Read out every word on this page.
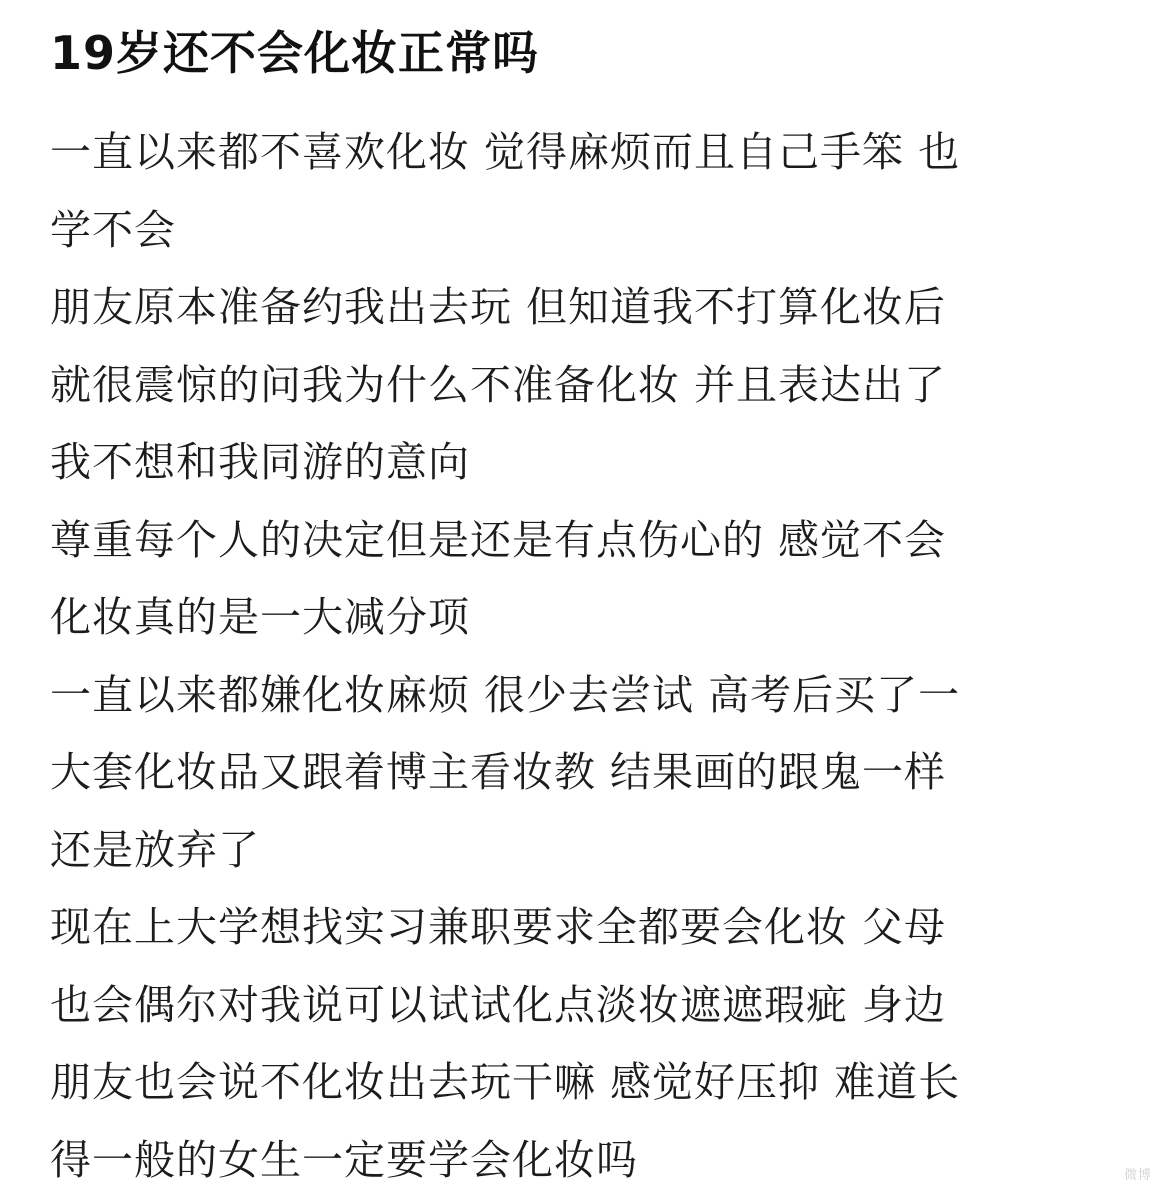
19岁还不会化妆正常吗
一直以来都不喜欢化妆 觉得麻烦而且自己手笨 也
学不会
朋友原本准备约我出去玩 但知道我不打算化妆后
就很震惊的问我为什么不准备化妆 并且表达出了
我不想和我同游的意向
尊重每个人的决定但是还是有点伤心的 感觉不会
化妆真的是一大减分项
一直以来都嫌化妆麻烦 很少去尝试 高考后买了一
大套化妆品又跟着博主看妆教 结果画的跟鬼一样
还是放弃了
现在上大学想找实习兼职要求全都要会化妆 父母
也会偶尔对我说可以试试化点淡妆遮遮瑕疵 身边
朋友也会说不化妆出去玩干嘛 感觉好压抑 难道长
得一般的女生一定要学会化妆吗	微博
